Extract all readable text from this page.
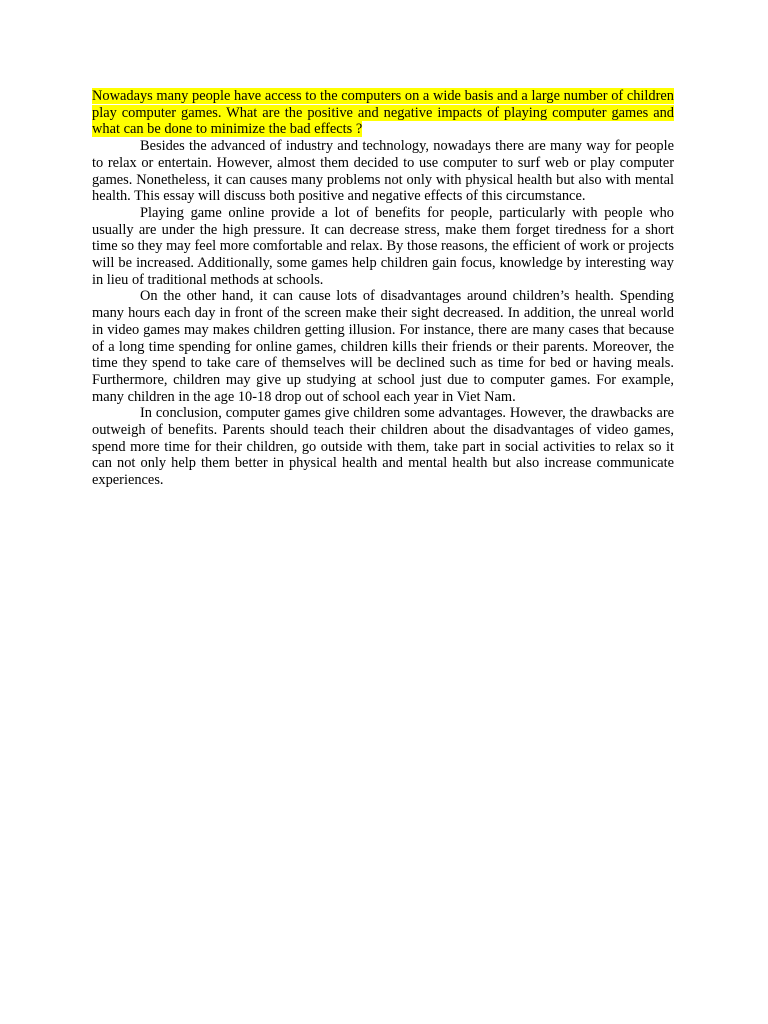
Nowadays many people have access to the computers on a wide basis and a large number of children play computer games. What are the positive and negative impacts of playing computer games and what can be done to minimize the bad effects ?

Besides the advanced of industry and technology, nowadays there are many way for people to relax or entertain. However, almost them decided to use computer to surf web or play computer games. Nonetheless, it can causes many problems not only with physical health but also with mental health. This essay will discuss both positive and negative effects of this circumstance.

Playing game online provide a lot of benefits for people, particularly with people who usually are under the high pressure. It can decrease stress, make them forget tiredness for a short time so they may feel more comfortable and relax. By those reasons, the efficient of work or projects will be increased. Additionally, some games help children gain focus, knowledge by interesting way in lieu of traditional methods at schools.

On the other hand, it can cause lots of disadvantages around children’s health. Spending many hours each day in front of the screen make their sight decreased. In addition, the unreal world in video games may makes children getting illusion. For instance, there are many cases that because of a long time spending for online games, children kills their friends or their parents. Moreover, the time they spend to take care of themselves will be declined such as time for bed or having meals. Furthermore, children may give up studying at school just due to computer games. For example, many children in the age 10-18 drop out of school each year in Viet Nam.

In conclusion, computer games give children some advantages. However, the drawbacks are outweigh of benefits. Parents should teach their children about the disadvantages of video games, spend more time for their children, go outside with them, take part in social activities to relax so it can not only help them better in physical health and mental health but also increase communicate experiences.
